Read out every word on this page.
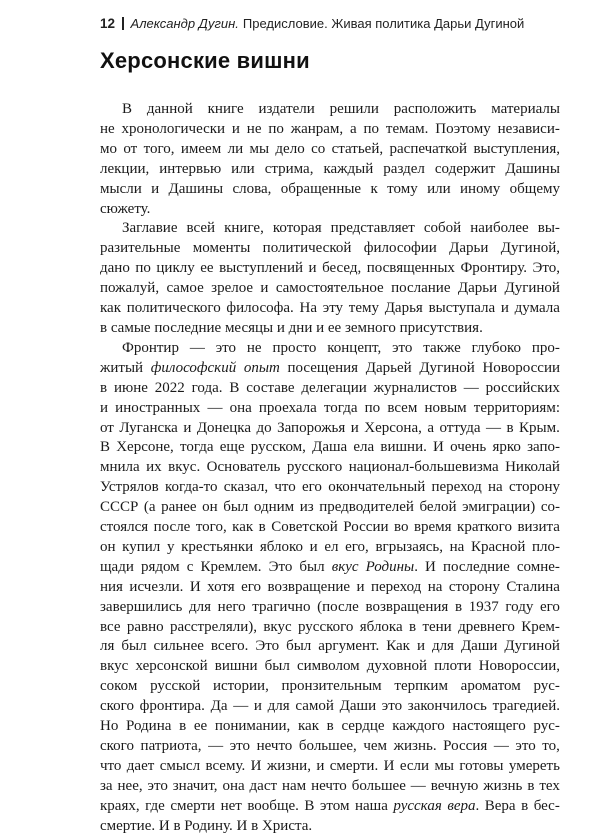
12 Александр Дугин. Предисловие. Живая политика Дарьи Дугиной
Херсонские вишни
В данной книге издатели решили расположить материалы
не хронологически и не по жанрам, а по темам. Поэтому независи-
мо от того, имеем ли мы дело со статьей, распечаткой выступления,
лекции, интервью или стрима, каждый раздел содержит Дашины
мысли и Дашины слова, обращенные к тому или иному общему
сюжету.
Заглавие всей книге, которая представляет собой наиболее вы-
разительные моменты политической философии Дарьи Дугиной,
дано по циклу ее выступлений и бесед, посвященных Фронтиру. Это,
пожалуй, самое зрелое и самостоятельное послание Дарьи Дугиной
как политического философа. На эту тему Дарья выступала и думала
в самые последние месяцы и дни и ее земного присутствия.
Фронтир — это не просто концепт, это также глубоко про-
житый философский опыт посещения Дарьей Дугиной Новороссии
в июне 2022 года. В составе делегации журналистов — российских
и иностранных — она проехала тогда по всем новым территориям:
от Луганска и Донецка до Запорожья и Херсона, а оттуда — в Крым.
В Херсоне, тогда еще русском, Даша ела вишни. И очень ярко запо-
мнила их вкус. Основатель русского национал-большевизма Николай
Устрялов когда-то сказал, что его окончательный переход на сторону
СССР (а ранее он был одним из предводителей белой эмиграции) со-
стоялся после того, как в Советской России во время краткого визита
он купил у крестьянки яблоко и ел его, вгрызаясь, на Красной пло-
щади рядом с Кремлем. Это был вкус Родины. И последние сомне-
ния исчезли. И хотя его возвращение и переход на сторону Сталина
завершились для него трагично (после возвращения в 1937 году его
все равно расстреляли), вкус русского яблока в тени древнего Крем-
ля был сильнее всего. Это был аргумент. Как и для Даши Дугиной
вкус херсонской вишни был символом духовной плоти Новороссии,
соком русской истории, пронзительным терпким ароматом рус-
ского фронтира. Да — и для самой Даши это закончилось трагедией.
Но Родина в ее понимании, как в сердце каждого настоящего рус-
ского патриота, — это нечто большее, чем жизнь. Россия — это то,
что дает смысл всему. И жизни, и смерти. И если мы готовы умереть
за нее, это значит, она даст нам нечто большее — вечную жизнь в тех
краях, где смерти нет вообще. В этом наша русская вера. Вера в бес-
смертие. И в Родину. И в Христа.
